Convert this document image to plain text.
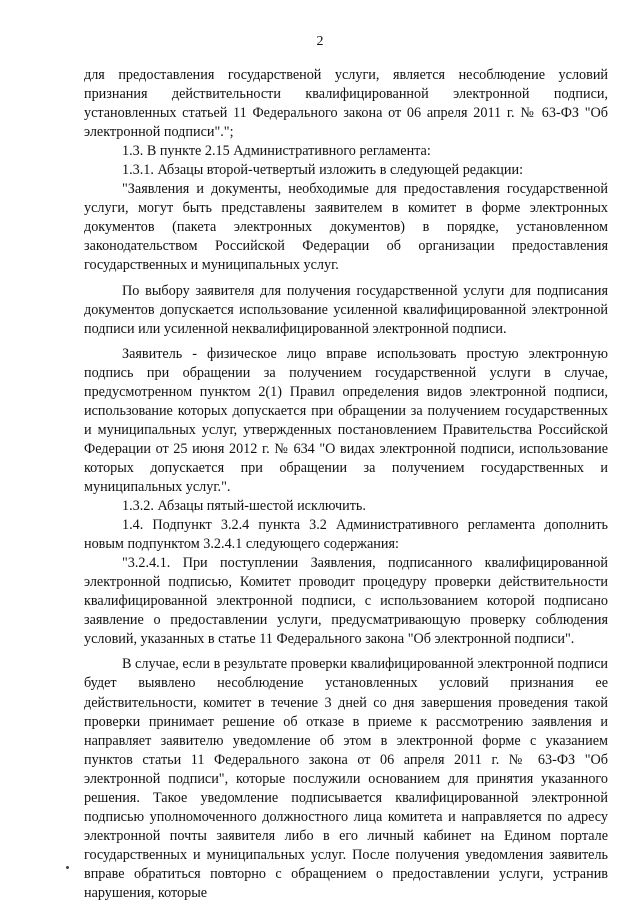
2

для предоставления государственой услуги, является несоблюдение условий признания действительности квалифицированной электронной подписи, установленных статьей 11 Федерального закона от 06 апреля 2011 г. № 63-ФЗ "Об электронной подписи".";

1.3. В пункте 2.15 Административного регламента:

1.3.1. Абзацы второй-четвертый изложить в следующей редакции:

"Заявления и документы, необходимые для предоставления государственной услуги, могут быть представлены заявителем в комитет в форме электронных документов (пакета электронных документов) в порядке, установленном законодательством Российской Федерации об организации предоставления государственных и муниципальных услуг.

По выбору заявителя для получения государственной услуги для подписания документов допускается использование усиленной квалифицированной электронной подписи или усиленной неквалифицированной электронной подписи.

Заявитель - физическое лицо вправе использовать простую электронную подпись при обращении за получением государственной услуги в случае, предусмотренном пунктом 2(1) Правил определения видов электронной подписи, использование которых допускается при обращении за получением государственных и муниципальных услуг, утвержденных постановлением Правительства Российской Федерации от 25 июня 2012 г. № 634 "О видах электронной подписи, использование которых допускается при обращении за получением государственных и муниципальных услуг.".

1.3.2. Абзацы пятый-шестой исключить.

1.4. Подпункт 3.2.4 пункта 3.2 Административного регламента дополнить новым подпунктом 3.2.4.1 следующего содержания:

"3.2.4.1. При поступлении Заявления, подписанного квалифицированной электронной подписью, Комитет проводит процедуру проверки действительности квалифицированной электронной подписи, с использованием которой подписано заявление о предоставлении услуги, предусматривающую проверку соблюдения условий, указанных в статье 11 Федерального закона "Об электронной подписи".

В случае, если в результате проверки квалифицированной электронной подписи будет выявлено несоблюдение установленных условий признания ее действительности, комитет в течение 3 дней со дня завершения проведения такой проверки принимает решение об отказе в приеме к рассмотрению заявления и направляет заявителю уведомление об этом в электронной форме с указанием пунктов статьи 11 Федерального закона от 06 апреля 2011 г. № 63-ФЗ "Об электронной подписи", которые послужили основанием для принятия указанного решения. Такое уведомление подписывается квалифицированной электронной подписью уполномоченного должностного лица комитета и направляется по адресу электронной почты заявителя либо в его личный кабинет на Едином портале государственных и муниципальных услуг. После получения уведомления заявитель вправе обратиться повторно с обращением о предоставлении услуги, устранив нарушения, которые
